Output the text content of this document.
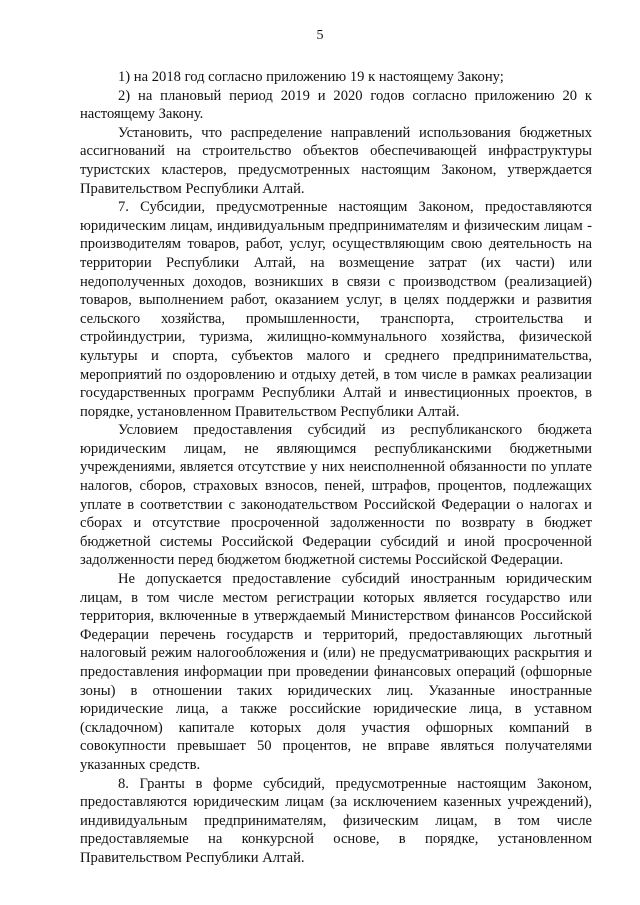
5

1) на 2018 год согласно приложению 19 к настоящему Закону;

2) на плановый период 2019 и 2020 годов согласно приложению 20 к настоящему Закону.

Установить, что распределение направлений использования бюджетных ассигнований на строительство объектов обеспечивающей инфраструктуры туристских кластеров, предусмотренных настоящим Законом, утверждается Правительством Республики Алтай.

7. Субсидии, предусмотренные настоящим Законом, предоставляются юридическим лицам, индивидуальным предпринимателям и физическим лицам - производителям товаров, работ, услуг, осуществляющим свою деятельность на территории Республики Алтай, на возмещение затрат (их части) или недополученных доходов, возникших в связи с производством (реализацией) товаров, выполнением работ, оказанием услуг, в целях поддержки и развития сельского хозяйства, промышленности, транспорта, строительства и стройиндустрии, туризма, жилищно-коммунального хозяйства, физической культуры и спорта, субъектов малого и среднего предпринимательства, мероприятий по оздоровлению и отдыху детей, в том числе в рамках реализации государственных программ Республики Алтай и инвестиционных проектов, в порядке, установленном Правительством Республики Алтай.

Условием предоставления субсидий из республиканского бюджета юридическим лицам, не являющимся республиканскими бюджетными учреждениями, является отсутствие у них неисполненной обязанности по уплате налогов, сборов, страховых взносов, пеней, штрафов, процентов, подлежащих уплате в соответствии с законодательством Российской Федерации о налогах и сборах и отсутствие просроченной задолженности по возврату в бюджет бюджетной системы Российской Федерации субсидий и иной просроченной задолженности перед бюджетом бюджетной системы Российской Федерации.

Не допускается предоставление субсидий иностранным юридическим лицам, в том числе местом регистрации которых является государство или территория, включенные в утверждаемый Министерством финансов Российской Федерации перечень государств и территорий, предоставляющих льготный налоговый режим налогообложения и (или) не предусматривающих раскрытия и предоставления информации при проведении финансовых операций (офшорные зоны) в отношении таких юридических лиц. Указанные иностранные юридические лица, а также российские юридические лица, в уставном (складочном) капитале которых доля участия офшорных компаний в совокупности превышает 50 процентов, не вправе являться получателями указанных средств.

8. Гранты в форме субсидий, предусмотренные настоящим Законом, предоставляются юридическим лицам (за исключением казенных учреждений), индивидуальным предпринимателям, физическим лицам, в том числе предоставляемые на конкурсной основе, в порядке, установленном Правительством Республики Алтай.
